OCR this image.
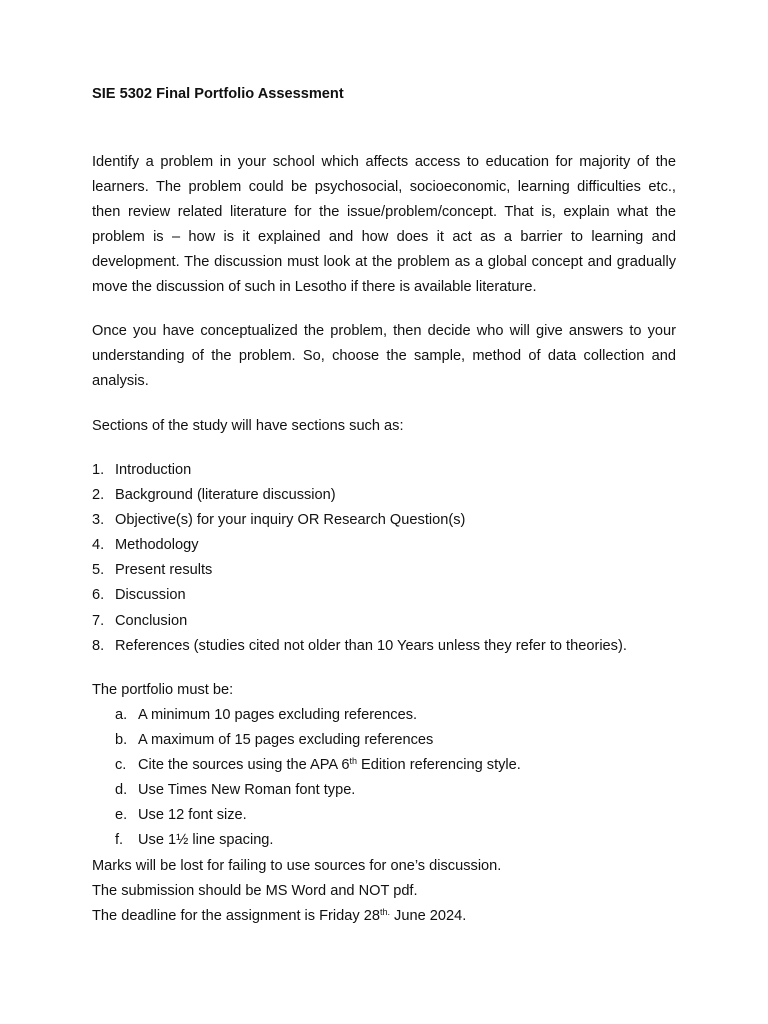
SIE 5302 Final Portfolio Assessment
Identify a problem in your school which affects access to education for majority of the learners. The problem could be psychosocial, socioeconomic, learning difficulties etc., then review related literature for the issue/problem/concept. That is, explain what the problem is – how is it explained and how does it act as a barrier to learning and development. The discussion must look at the problem as a global concept and gradually move the discussion of such in Lesotho if there is available literature.
Once you have conceptualized the problem, then decide who will give answers to your understanding of the problem. So, choose the sample, method of data collection and analysis.
Sections of the study will have sections such as:
1. Introduction
2. Background (literature discussion)
3. Objective(s) for your inquiry OR Research Question(s)
4. Methodology
5. Present results
6. Discussion
7. Conclusion
8. References (studies cited not older than 10 Years unless they refer to theories).
The portfolio must be:
a. A minimum 10 pages excluding references.
b. A maximum of 15 pages excluding references
c. Cite the sources using the APA 6th Edition referencing style.
d. Use Times New Roman font type.
e. Use 12 font size.
f.	Use 1½ line spacing.
Marks will be lost for failing to use sources for one’s discussion.
The submission should be MS Word and NOT pdf.
The deadline for the assignment is Friday $28^{th.}$ June 2024.
